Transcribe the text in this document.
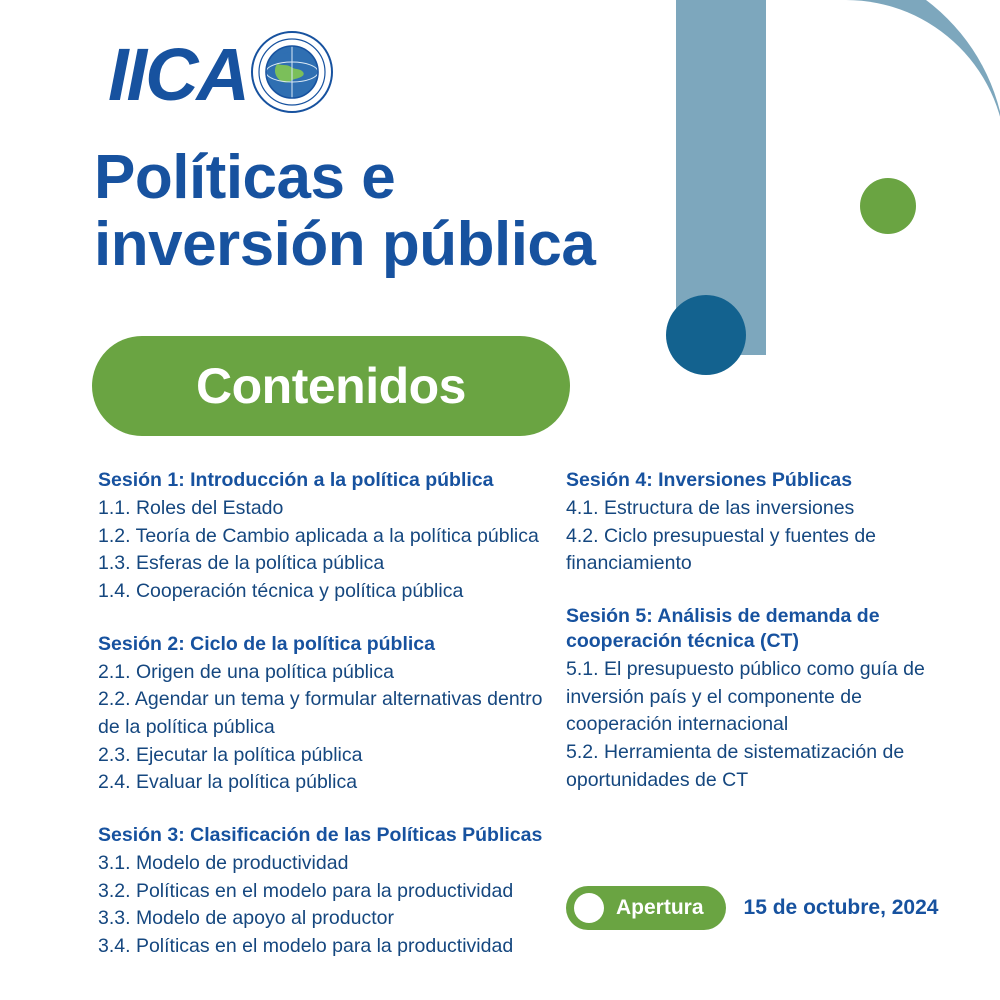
IICA
Políticas e
inversión pública
Contenidos
Sesión 1: Introducción a la política pública
1.1. Roles del Estado
1.2. Teoría de Cambio aplicada a la política pública
1.3. Esferas de la política pública
1.4. Cooperación técnica y política pública
Sesión 2: Ciclo de la política pública
2.1. Origen de una política pública
2.2. Agendar un tema y formular alternativas dentro de la política pública
2.3. Ejecutar la política pública
2.4. Evaluar la política pública
Sesión 3: Clasificación de las Políticas Públicas
3.1. Modelo de productividad
3.2. Políticas en el modelo para la productividad
3.3. Modelo de apoyo al productor
3.4. Políticas en el modelo para la productividad
Sesión 4: Inversiones Públicas
4.1. Estructura de las inversiones
4.2. Ciclo presupuestal y fuentes de financiamiento
Sesión 5: Análisis de demanda de cooperación técnica (CT)
5.1. El presupuesto público como guía de inversión país y el componente de cooperación internacional
5.2. Herramienta de sistematización de oportunidades de CT
Apertura 15 de octubre, 2024
